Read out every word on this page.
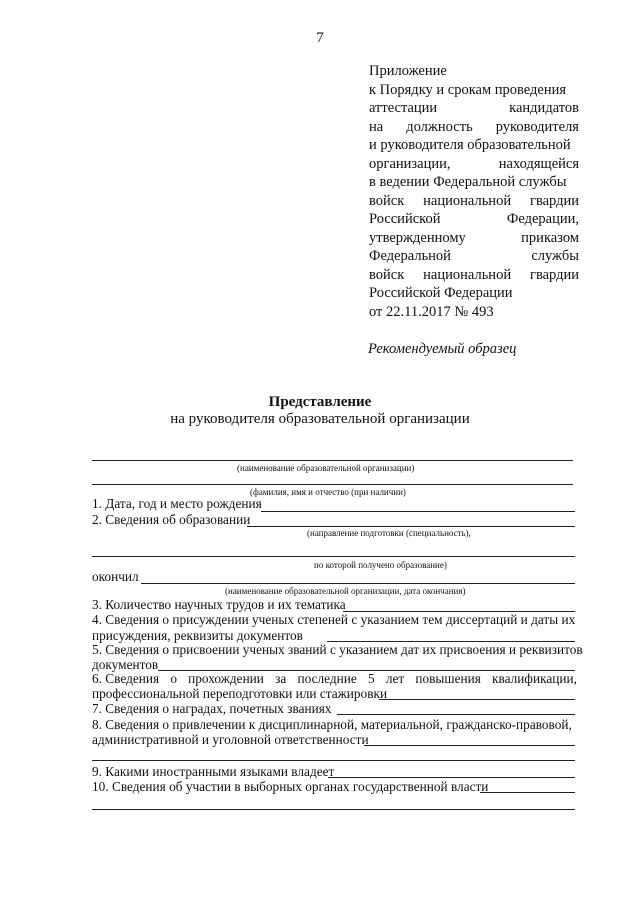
7
Приложение
к Порядку и срокам проведения
аттестации	кандидатов
на должность руководителя
и руководителя образовательной
организации,	находящейся
в ведении Федеральной службы
войск национальной гвардии
Российской	Федерации,
утвержденному	приказом
Федеральной	службы
войск национальной гвардии
Российской Федерации
от 22.11.2017 № 493
Рекомендуемый образец
Представление
на руководителя образовательной организации
(наименование образовательной организации)
(фамилия, имя и отчество (при наличии)
1. Дата, год и место рождения
2. Сведения об образовании
(направление подготовки (специальность),
по которой получено образование)
окончил
(наименование образовательной организации, дата окончания)
3. Количество научных трудов и их тематика
4. Сведения о присуждении ученых степеней с указанием тем диссертаций и даты их
присуждения, реквизиты документов
5. Сведения о присвоении ученых званий с указанием дат их присвоения и реквизитов
документов
6. Сведения о прохождении за последние 5 лет повышения квалификации,
профессиональной переподготовки или стажировки
7. Сведения о наградах, почетных званиях
8. Сведения о привлечении к дисциплинарной, материальной, гражданско-правовой,
административной и уголовной ответственности
9. Какими иностранными языками владеет
10. Сведения об участии в выборных органах государственной власти
